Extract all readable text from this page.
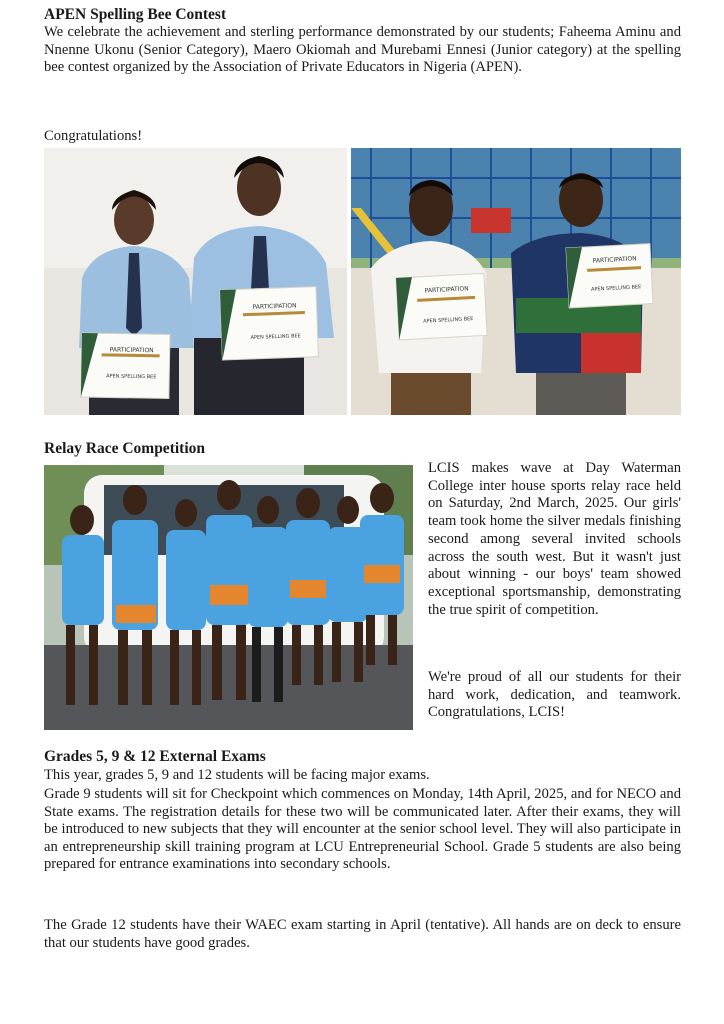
APEN Spelling Bee Contest

We celebrate the achievement and sterling performance demonstrated by our students; Faheema Aminu and Nnenne Ukonu (Senior Category), Maero Okiomah and Murebami Ennesi (Junior category) at the spelling bee contest organized by the Association of Private Educators in Nigeria (APEN).

Congratulations!

PARTICIPATION
APEN SPELLING BEE
PARTICIPATION
APEN SPELLING BEE
PARTICIPATION
APEN SPELLING BEE
PARTICIPATION
APEN SPELLING BEE
Relay Race Competition

LCIS makes wave at Day Waterman College inter house sports relay race held on Saturday, 2nd March, 2025. Our girls' team took home the silver medals finishing second among several invited schools across the south west. But it wasn't just about winning - our boys' team showed exceptional sportsmanship, demonstrating the true spirit of competition.

We're proud of all our students for their hard work, dedication, and teamwork. Congratulations, LCIS!

Grades 5, 9 & 12 External Exams

This year, grades 5, 9 and 12 students will be facing major exams.

Grade 9 students will sit for Checkpoint which commences on Monday, 14th April, 2025, and for NECO and State exams. The registration details for these two will be communicated later. After their exams, they will be introduced to new subjects that they will encounter at the senior school level. They will also participate in an entrepreneurship skill training program at LCU Entrepreneurial School. Grade 5 students are also being prepared for entrance examinations into secondary schools.

The Grade 12 students have their WAEC exam starting in April (tentative). All hands are on deck to ensure that our students have good grades.
